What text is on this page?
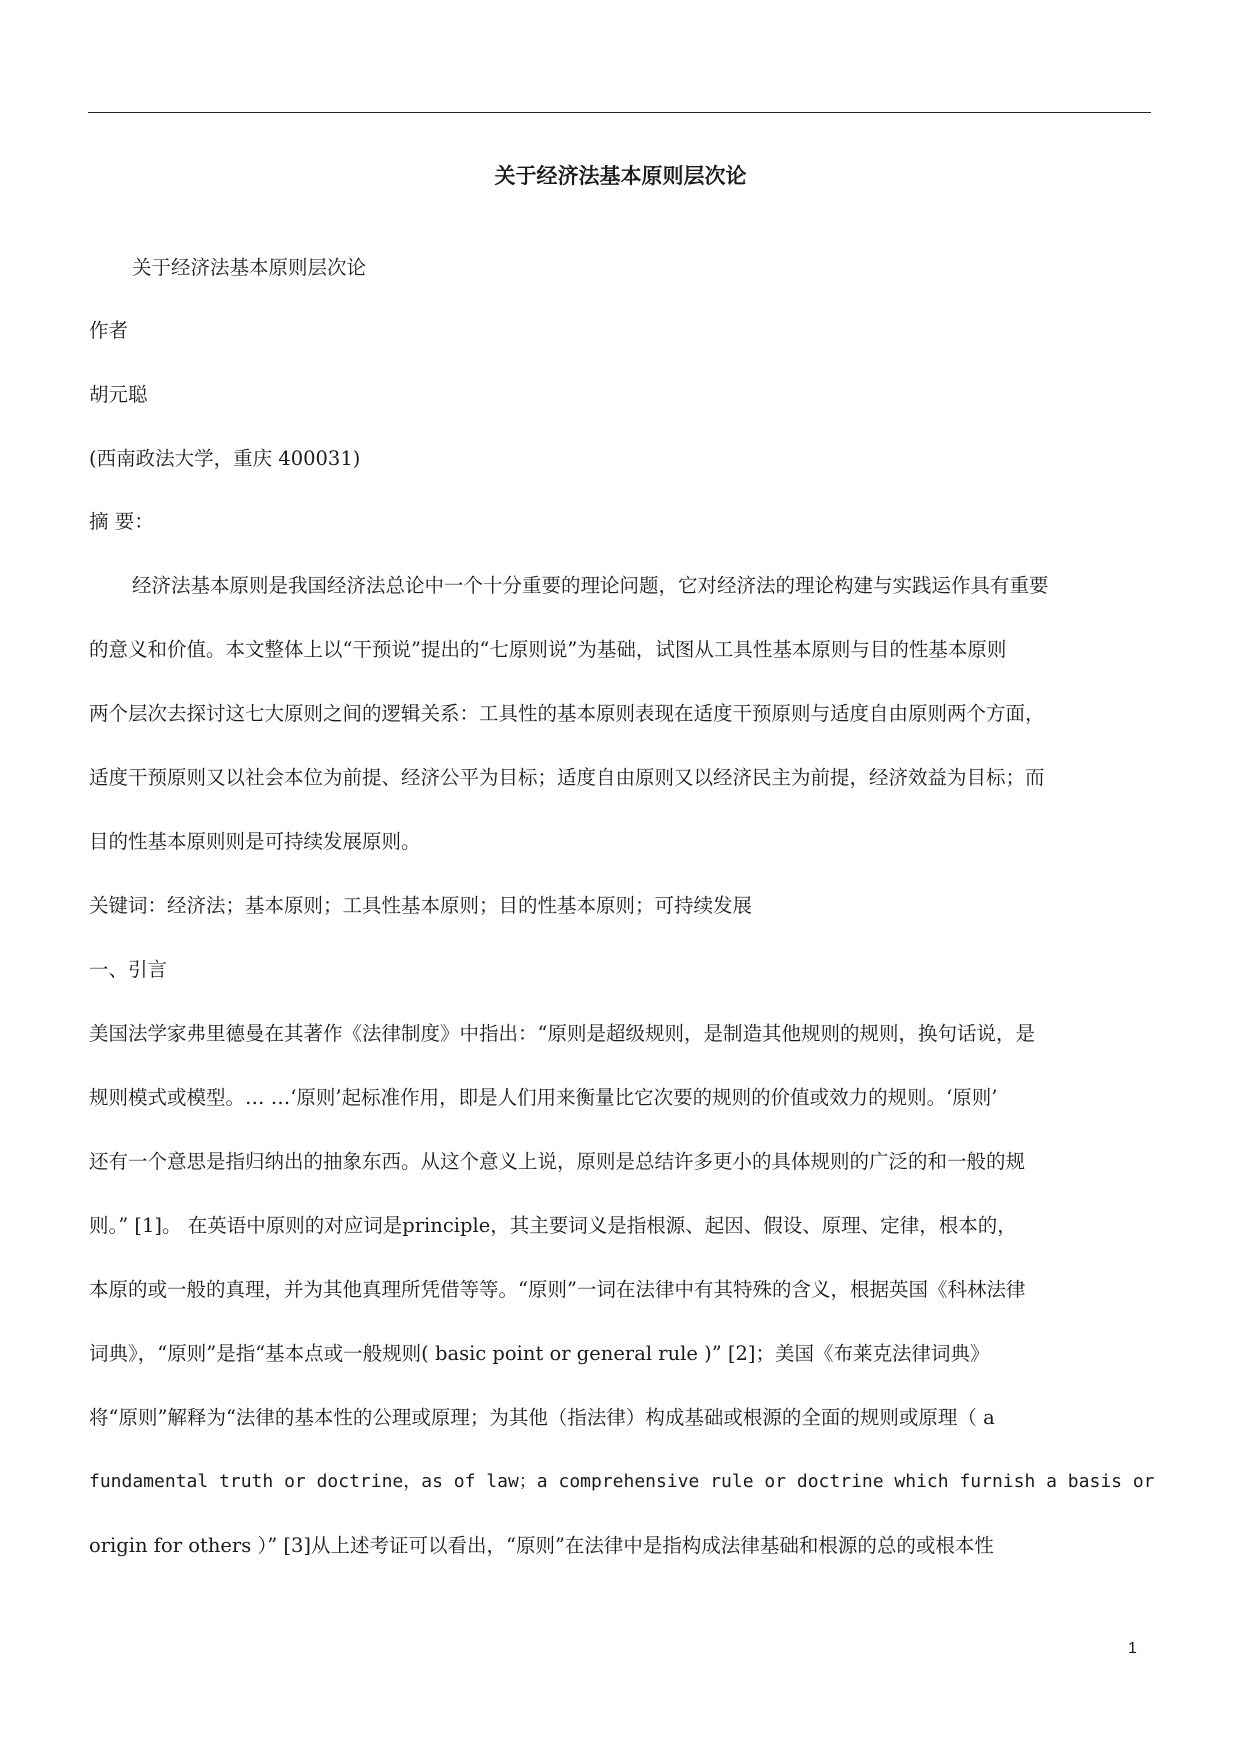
关于经济法基本原则层次论
关于经济法基本原则层次论
作者
胡元聪
(西南政法大学，重庆 400031)
摘 要：
经济法基本原则是我国经济法总论中一个十分重要的理论问题，它对经济法的理论构建与实践运作具有重要
的意义和价值。本文整体上以“干预说”提出的“七原则说”为基础，试图从工具性基本原则与目的性基本原则
两个层次去探讨这七大原则之间的逻辑关系：工具性的基本原则表现在适度干预原则与适度自由原则两个方面，
适度干预原则又以社会本位为前提、经济公平为目标；适度自由原则又以经济民主为前提，经济效益为目标；而
目的性基本原则则是可持续发展原则。
关键词：经济法；基本原则；工具性基本原则；目的性基本原则；可持续发展
一、引言
美国法学家弗里德曼在其著作《法律制度》中指出：“原则是超级规则，是制造其他规则的规则，换句话说，是
规则模式或模型。… …‘原则’起标准作用，即是人们用来衡量比它次要的规则的价值或效力的规则。‘原则’
还有一个意思是指归纳出的抽象东西。从这个意义上说，原则是总结许多更小的具体规则的广泛的和一般的规
则。” [1]。 在英语中原则的对应词是principle，其主要词义是指根源、起因、假设、原理、定律，根本的，
本原的或一般的真理，并为其他真理所凭借等等。“原则”一词在法律中有其特殊的含义，根据英国《科林法律
词典》，“原则”是指“基本点或一般规则( basic point or general rule )” [2]；美国《布莱克法律词典》
将“原则”解释为“法律的基本性的公理或原理；为其他（指法律）构成基础或根源的全面的规则或原理（ a
fundamental truth or doctrine，as of law；a comprehensive rule or doctrine which furnish a basis or
origin for others ）” [3]从上述考证可以看出，“原则”在法律中是指构成法律基础和根源的总的或根本性
1
